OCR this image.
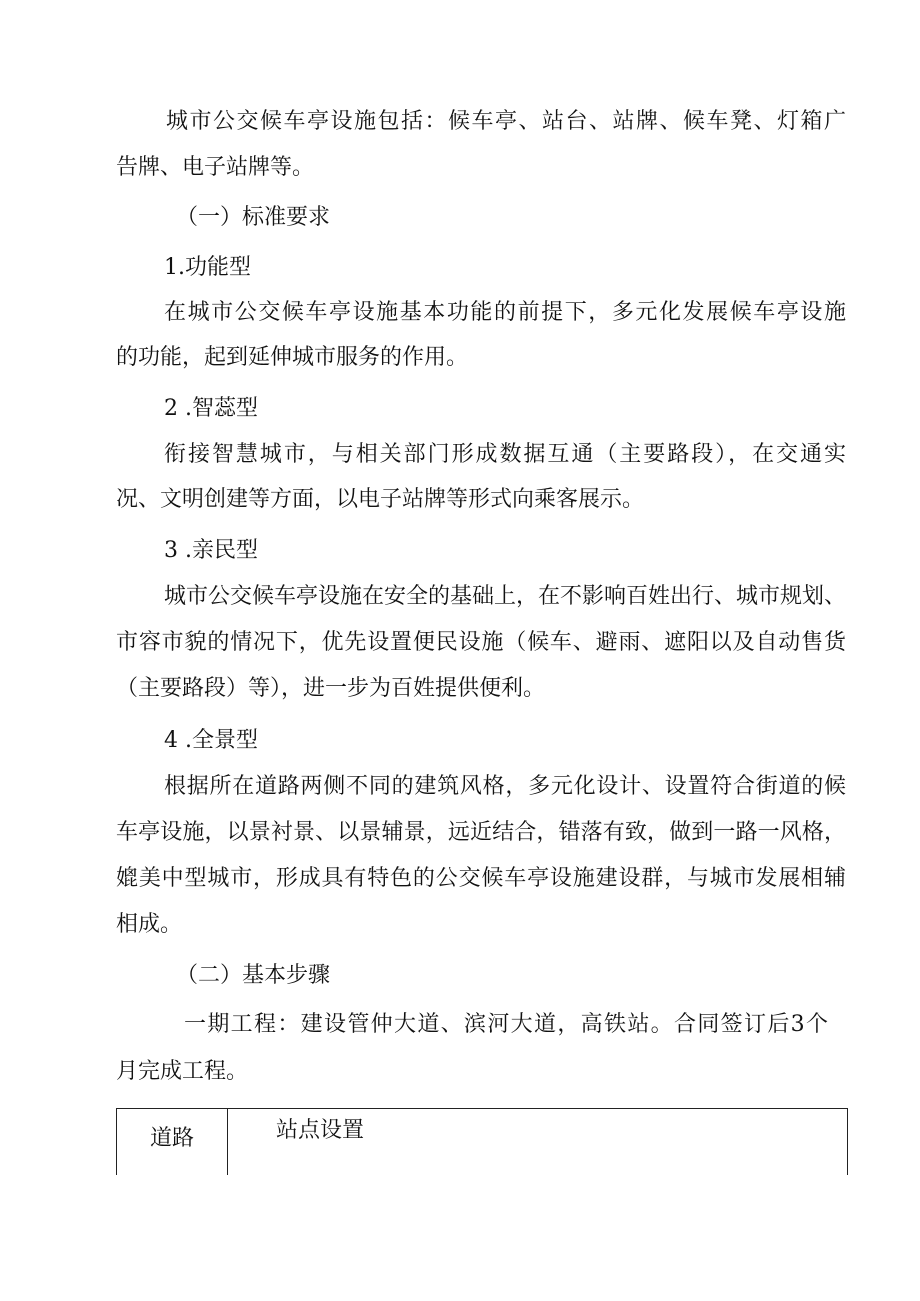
城市公交候车亭设施包括：候车亭、站台、站牌、候车凳、灯箱广
告牌、电子站牌等。
（一）标准要求
1.功能型
在城市公交候车亭设施基本功能的前提下，多元化发展候车亭设施
的功能，起到延伸城市服务的作用。
2 .智蕊型
衔接智慧城市，与相关部门形成数据互通（主要路段），在交通实
况、文明创建等方面，以电子站牌等形式向乘客展示。
3 .亲民型
城市公交候车亭设施在安全的基础上，在不影响百姓出行、城市规划、
市容市貌的情况下，优先设置便民设施（候车、避雨、遮阳以及自动售货
（主要路段）等），进一步为百姓提供便利。
4 .全景型
根据所在道路两侧不同的建筑风格，多元化设计、设置符合街道的候
车亭设施，以景衬景、以景辅景，远近结合，错落有致，做到一路一风格，
媲美中型城市，形成具有特色的公交候车亭设施建设群，与城市发展相辅
相成。
（二）基本步骤
一期工程：建设管仲大道、滨河大道，高铁站。合同签订后3个
月完成工程。
道路	站点设置
